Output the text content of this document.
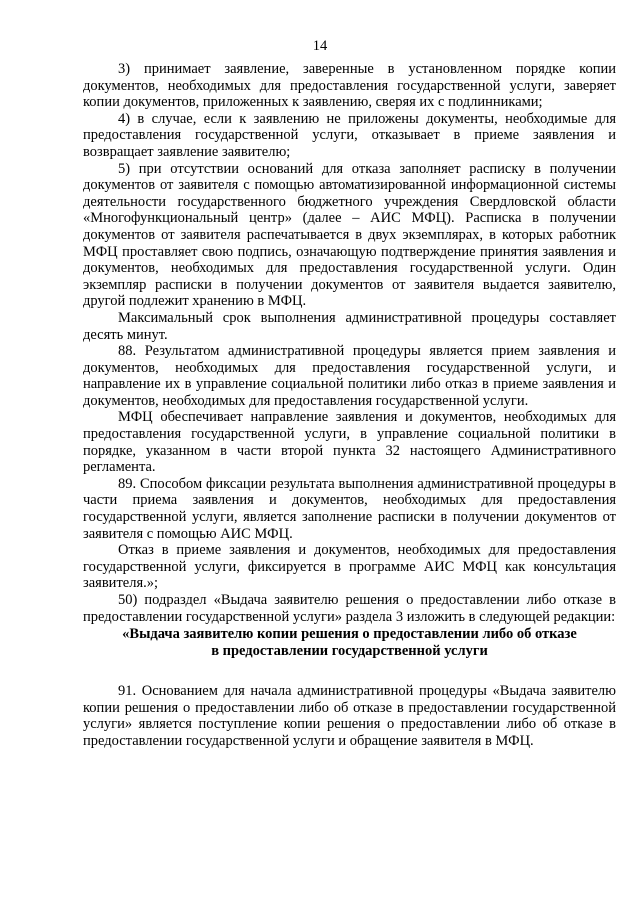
14

3) принимает заявление, заверенные в установленном порядке копии документов, необходимых для предоставления государственной услуги, заверяет копии документов, приложенных к заявлению, сверяя их с подлинниками;

4) в случае, если к заявлению не приложены документы, необходимые для предоставления государственной услуги, отказывает в приеме заявления и возвращает заявление заявителю;

5) при отсутствии оснований для отказа заполняет расписку в получении документов от заявителя с помощью автоматизированной информационной системы деятельности государственного бюджетного учреждения Свердловской области «Многофункциональный центр» (далее – АИС МФЦ). Расписка в получении документов от заявителя распечатывается в двух экземплярах, в которых работник МФЦ проставляет свою подпись, означающую подтверждение принятия заявления и документов, необходимых для предоставления государственной услуги. Один экземпляр расписки в получении документов от заявителя выдается заявителю, другой подлежит хранению в МФЦ.

Максимальный срок выполнения административной процедуры составляет десять минут.

88. Результатом административной процедуры является прием заявления и документов, необходимых для предоставления государственной услуги, и направление их в управление социальной политики либо отказ в приеме заявления и документов, необходимых для предоставления государственной услуги.

МФЦ обеспечивает направление заявления и документов, необходимых для предоставления государственной услуги, в управление социальной политики в порядке, указанном в части второй пункта 32 настоящего Административного регламента.

89. Способом фиксации результата выполнения административной процедуры в части приема заявления и документов, необходимых для предоставления государственной услуги, является заполнение расписки в получении документов от заявителя с помощью АИС МФЦ.

Отказ в приеме заявления и документов, необходимых для предоставления государственной услуги, фиксируется в программе АИС МФЦ как консультация заявителя.»;

50) подраздел «Выдача заявителю решения о предоставлении либо отказе в предоставлении государственной услуги» раздела 3 изложить в следующей редакции:

«Выдача заявителю копии решения о предоставлении либо об отказе
в предоставлении государственной услуги

91. Основанием для начала административной процедуры «Выдача заявителю копии решения о предоставлении либо об отказе в предоставлении государственной услуги» является поступление копии решения о предоставлении либо об отказе в предоставлении государственной услуги и обращение заявителя в МФЦ.
